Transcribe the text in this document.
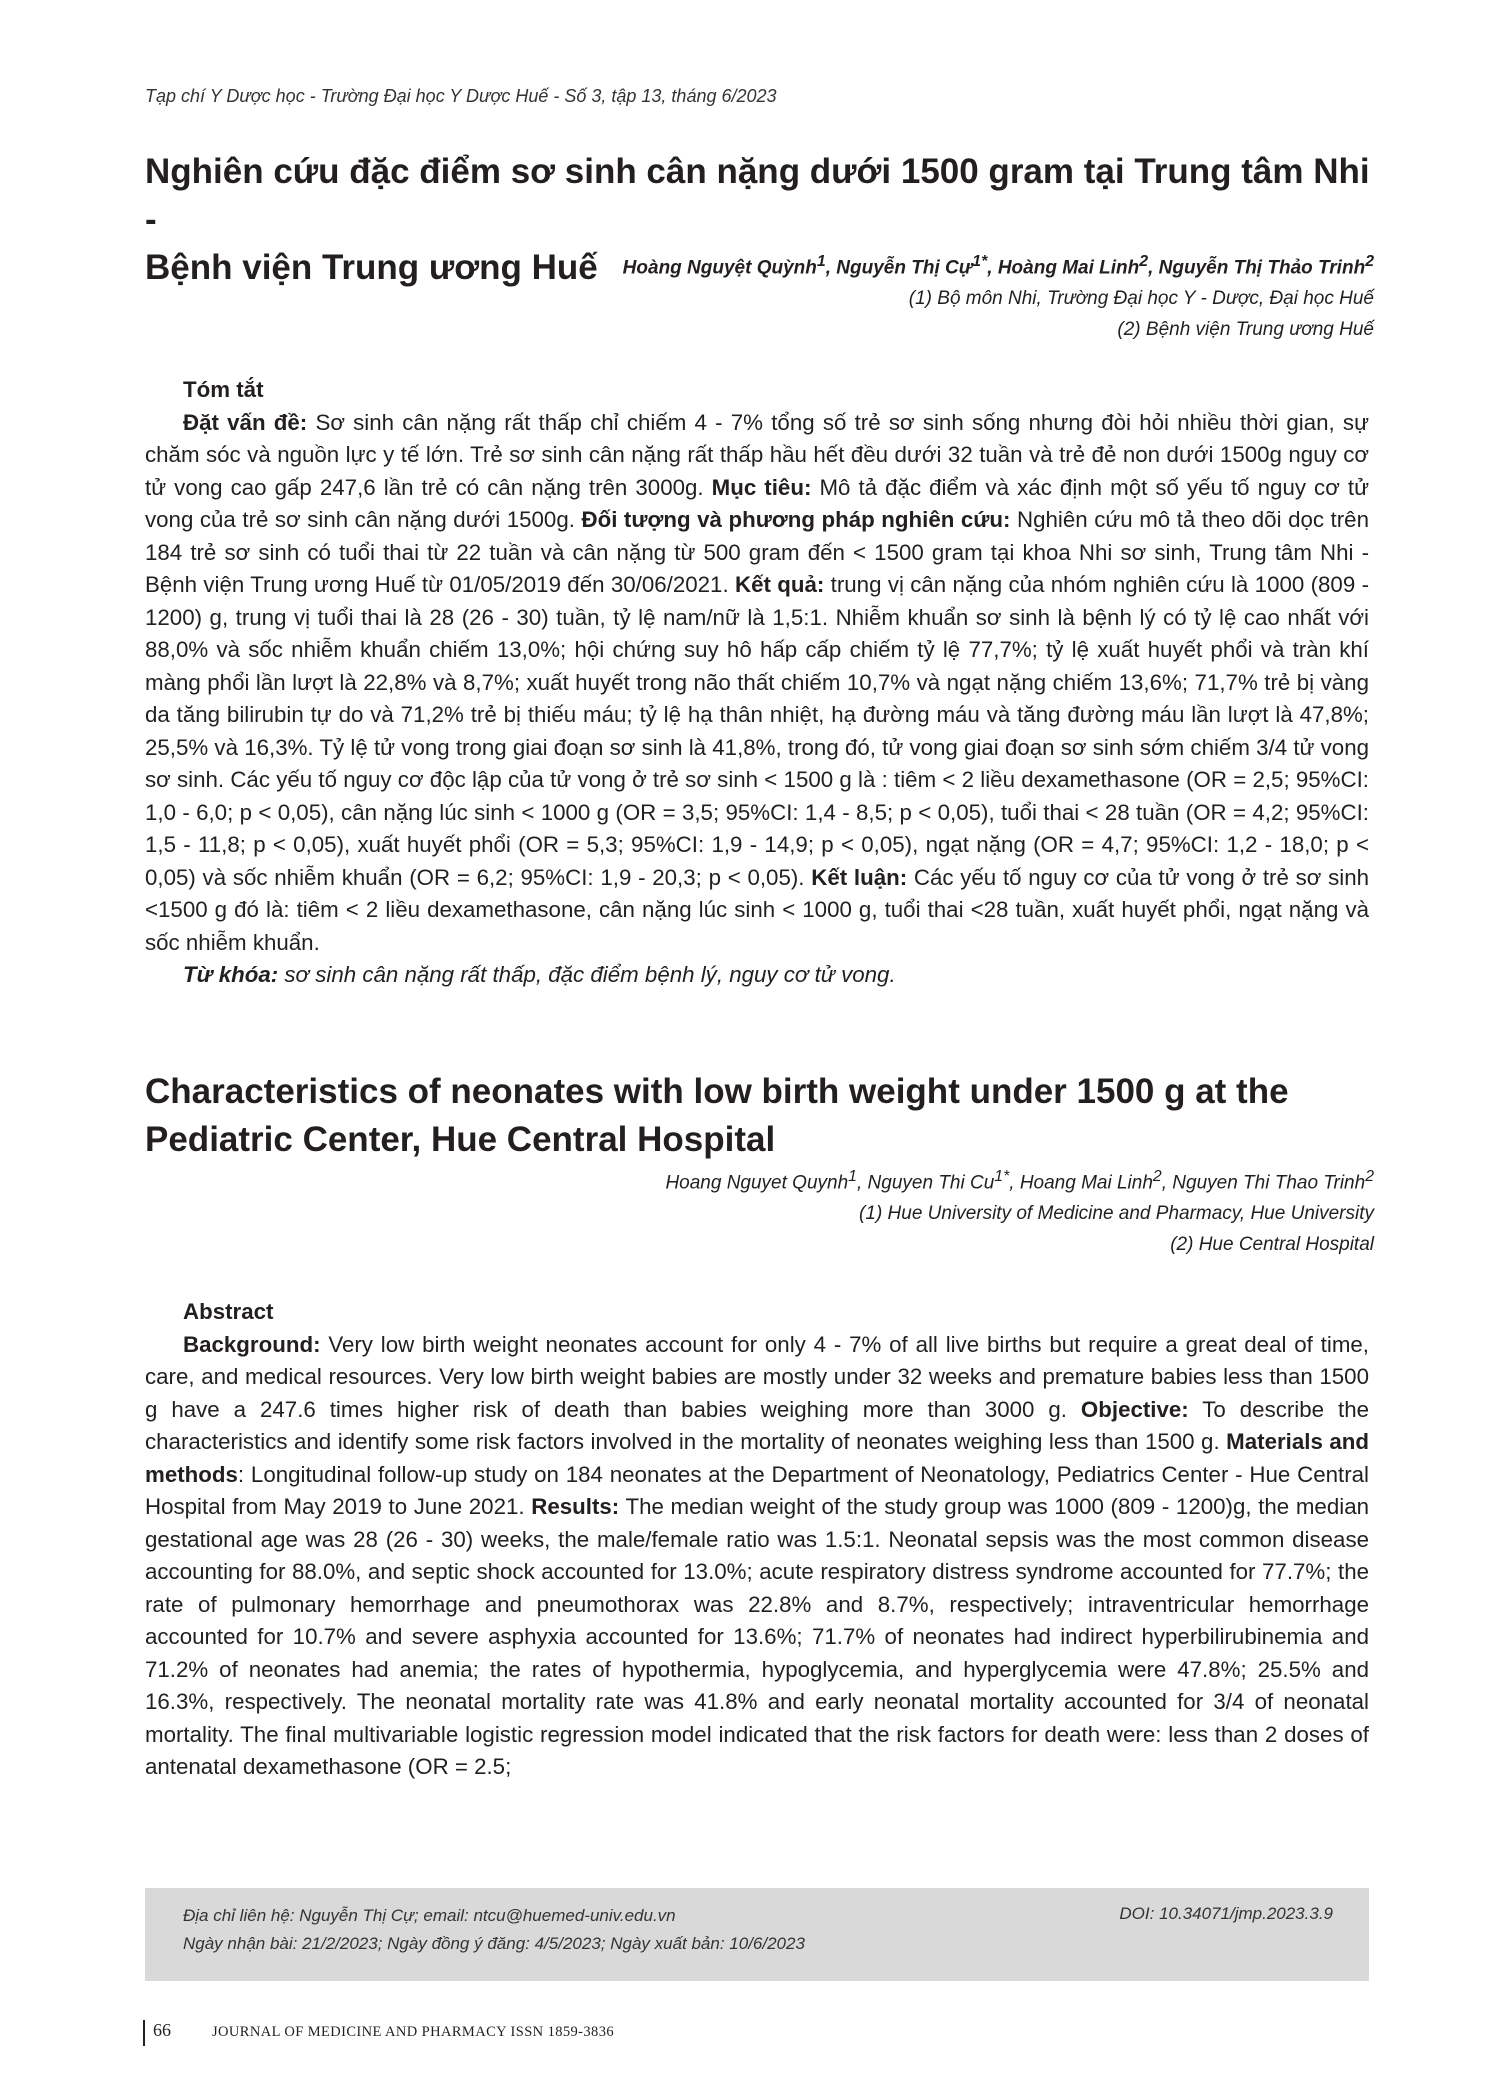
Tạp chí Y Dược học - Trường Đại học Y Dược Huế - Số 3, tập 13, tháng 6/2023
Nghiên cứu đặc điểm sơ sinh cân nặng dưới 1500 gram tại Trung tâm Nhi -
Bệnh viện Trung ương Huế	Hoàng Nguyệt Quỳnh$^1$, Nguyễn Thị Cự$^{1*}$, Hoàng Mai Linh$^2$, Nguyễn Thị Thảo Trinh$^2$
(1) Bộ môn Nhi, Trường Đại học Y - Dược, Đại học Huế
(2) Bệnh viện Trung ương Huế
Tóm tắt

Đặt vấn đề: Sơ sinh cân nặng rất thấp chỉ chiếm 4 - 7% tổng số trẻ sơ sinh sống nhưng đòi hỏi nhiều thời gian, sự chăm sóc và nguồn lực y tế lớn. Trẻ sơ sinh cân nặng rất thấp hầu hết đều dưới 32 tuần và trẻ đẻ non dưới 1500g nguy cơ tử vong cao gấp 247,6 lần trẻ có cân nặng trên 3000g. Mục tiêu: Mô tả đặc điểm và xác định một số yếu tố nguy cơ tử vong của trẻ sơ sinh cân nặng dưới 1500g. Đối tượng và phương pháp nghiên cứu: Nghiên cứu mô tả theo dõi dọc trên 184 trẻ sơ sinh có tuổi thai từ 22 tuần và cân nặng từ 500 gram đến < 1500 gram tại khoa Nhi sơ sinh, Trung tâm Nhi - Bệnh viện Trung ương Huế từ 01/05/2019 đến 30/06/2021. Kết quả: trung vị cân nặng của nhóm nghiên cứu là 1000 (809 - 1200) g, trung vị tuổi thai là 28 (26 - 30) tuần, tỷ lệ nam/nữ là 1,5:1. Nhiễm khuẩn sơ sinh là bệnh lý có tỷ lệ cao nhất với 88,0% và sốc nhiễm khuẩn chiếm 13,0%; hội chứng suy hô hấp cấp chiếm tỷ lệ 77,7%; tỷ lệ xuất huyết phổi và tràn khí màng phổi lần lượt là 22,8% và 8,7%; xuất huyết trong não thất chiếm 10,7% và ngạt nặng chiếm 13,6%; 71,7% trẻ bị vàng da tăng bilirubin tự do và 71,2% trẻ bị thiếu máu; tỷ lệ hạ thân nhiệt, hạ đường máu và tăng đường máu lần lượt là 47,8%; 25,5% và 16,3%. Tỷ lệ tử vong trong giai đoạn sơ sinh là 41,8%, trong đó, tử vong giai đoạn sơ sinh sớm chiếm 3/4 tử vong sơ sinh. Các yếu tố nguy cơ độc lập của tử vong ở trẻ sơ sinh < 1500 g là : tiêm < 2 liều dexamethasone (OR = 2,5; 95%CI: 1,0 - 6,0; p < 0,05), cân nặng lúc sinh < 1000 g (OR = 3,5; 95%CI: 1,4 - 8,5; p < 0,05), tuổi thai < 28 tuần (OR = 4,2; 95%CI: 1,5 - 11,8; p < 0,05), xuất huyết phổi (OR = 5,3; 95%CI: 1,9 - 14,9; p < 0,05), ngạt nặng (OR = 4,7; 95%CI: 1,2 - 18,0; p < 0,05) và sốc nhiễm khuẩn (OR = 6,2; 95%CI: 1,9 - 20,3; p < 0,05). Kết luận: Các yếu tố nguy cơ của tử vong ở trẻ sơ sinh <1500 g đó là: tiêm < 2 liều dexamethasone, cân nặng lúc sinh < 1000 g, tuổi thai <28 tuần, xuất huyết phổi, ngạt nặng và sốc nhiễm khuẩn.

Từ khóa: sơ sinh cân nặng rất thấp, đặc điểm bệnh lý, nguy cơ tử vong.
Characteristics of neonates with low birth weight under 1500 g at the
Pediatric Center, Hue Central Hospital
Hoang Nguyet Quynh$^1$, Nguyen Thi $Cu^{1*}$, Hoang Mai Linh$^2$, Nguyen Thi Thao Trinh$^2$
(1) Hue University of Medicine and Pharmacy, Hue University
(2) Hue Central Hospital
Abstract

Background: Very low birth weight neonates account for only 4 - 7% of all live births but require a great deal of time, care, and medical resources. Very low birth weight babies are mostly under 32 weeks and premature babies less than 1500 g have a 247.6 times higher risk of death than babies weighing more than 3000 g. Objective: To describe the characteristics and identify some risk factors involved in the mortality of neonates weighing less than 1500 g. Materials and methods: Longitudinal follow-up study on 184 neonates at the Department of Neonatology, Pediatrics Center - Hue Central Hospital from May 2019 to June 2021. Results: The median weight of the study group was 1000 (809 - 1200)g, the median gestational age was 28 (26 - 30) weeks, the male/female ratio was 1.5:1. Neonatal sepsis was the most common disease accounting for 88.0%, and septic shock accounted for 13.0%; acute respiratory distress syndrome accounted for 77.7%; the rate of pulmonary hemorrhage and pneumothorax was 22.8% and 8.7%, respectively; intraventricular hemorrhage accounted for 10.7% and severe asphyxia accounted for 13.6%; 71.7% of neonates had indirect hyperbilirubinemia and 71.2% of neonates had anemia; the rates of hypothermia, hypoglycemia, and hyperglycemia were 47.8%; 25.5% and 16.3%, respectively. The neonatal mortality rate was 41.8% and early neonatal mortality accounted for 3/4 of neonatal mortality. The final multivariable logistic regression model indicated that the risk factors for death were: less than 2 doses of antenatal dexamethasone (OR = 2.5;

Địa chỉ liên hệ: Nguyễn Thị Cự; email: ntcu@huemed-univ.edu.vn
Ngày nhận bài: 21/2/2023; Ngày đồng ý đăng: 4/5/2023; Ngày xuất bản: 10/6/2023
DOI: 10.34071/jmp.2023.3.9
66	JOURNAL OF MEDICINE AND PHARMACY ISSN 1859-3836
